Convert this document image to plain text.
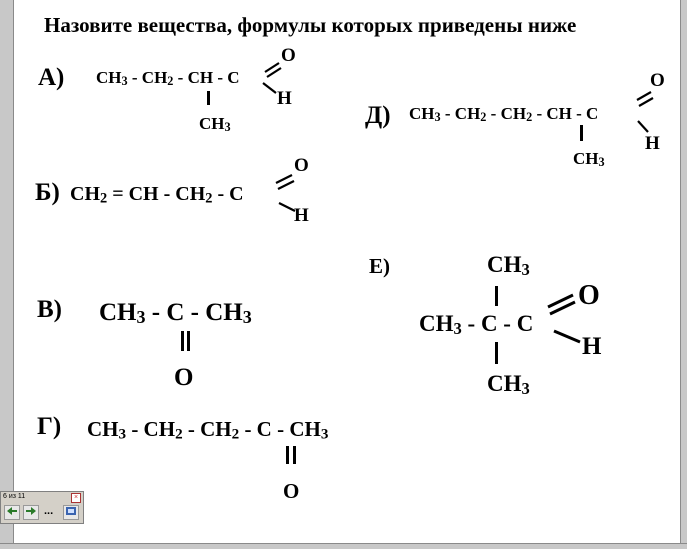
Назовите вещества, формулы которых приведены ниже
А) $CH_3 - CH_2$ - CH - C
O
H
$CH_3$
Б) $CH_2$ = CH - $CH_2$ - C
O
H
В) $CH_3$ - C - $CH_3$
O
Г) $CH_3 - CH_2 - CH_2$ - C - $CH_3$
O
Д) $CH_3 - CH_2 - CH_2$ - CH - C
O
H
$CH_3$
Е)	$CH_3$
$CH_3$ - C - C
O
H
$CH_3$
6 из 11	×
...
